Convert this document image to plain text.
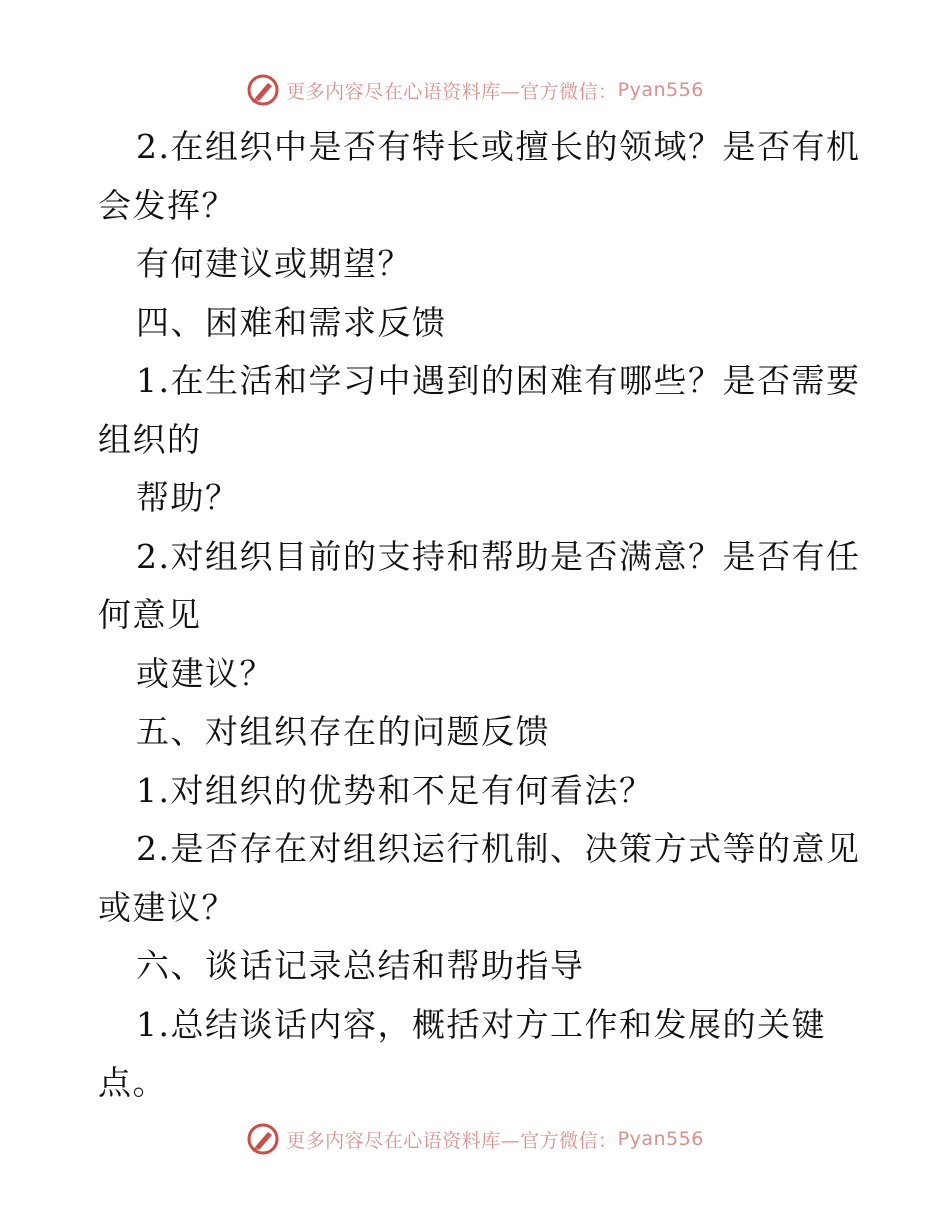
更多内容尽在心语资料库—官方微信： Pyan556
2.在组织中是否有特长或擅长的领域？是否有机
会发挥？
有何建议或期望？
四、困难和需求反馈
1.在生活和学习中遇到的困难有哪些？是否需要
组织的
帮助？
2.对组织目前的支持和帮助是否满意？是否有任
何意见
或建议？
五、对组织存在的问题反馈
1.对组织的优势和不足有何看法？
2.是否存在对组织运行机制、决策方式等的意见
或建议？
六、谈话记录总结和帮助指导
1.总结谈话内容，概括对方工作和发展的关键
点。
更多内容尽在心语资料库—官方微信： Pyan556
